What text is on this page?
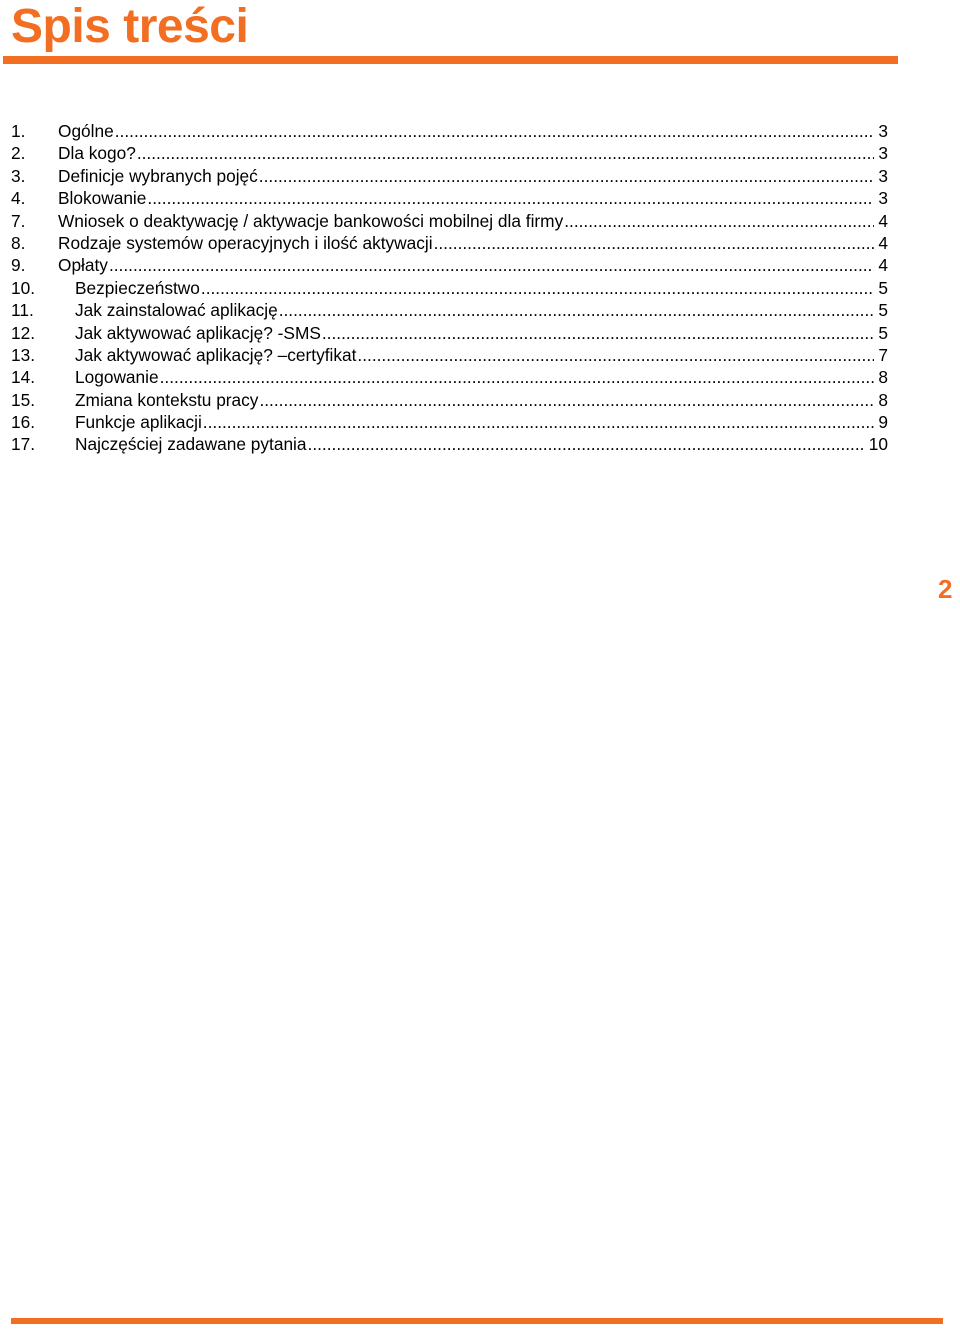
Spis treści
1.	Ogólne .....	3
2.	Dla kogo? .....	3
3.	Definicje wybranych pojęć .....	3
4.	Blokowanie .....	3
7.	Wniosek o deaktywację / aktywacje bankowości mobilnej dla firmy .....	4
8.	Rodzaje systemów operacyjnych i ilość aktywacji .....	4
9.	Opłaty .....	4
10.	Bezpieczeństwo .....	5
11.	Jak zainstalować aplikację .....	5
12.	Jak aktywować aplikację? -SMS .....	5
13.	Jak aktywować aplikację? –certyfikat .....	7
14.	Logowanie .....	8
15.	Zmiana kontekstu pracy .....	8
16.	Funkcje aplikacji .....	9
17.	Najczęściej zadawane pytania .....	10
2
